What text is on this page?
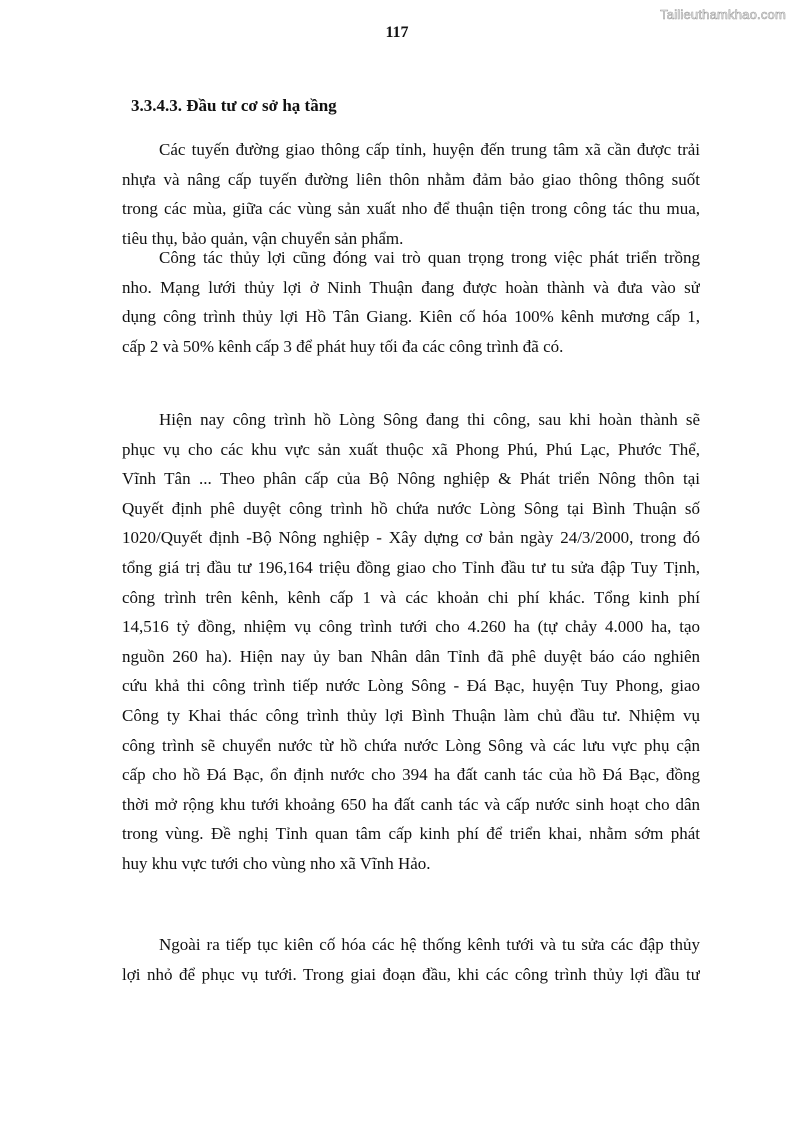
Tailieuthamkhao.com
117
3.3.4.3. Đầu tư cơ sở hạ tầng
Các tuyến đường giao thông cấp tỉnh, huyện đến trung tâm xã cần được trải
nhựa và nâng cấp tuyến đường liên thôn nhằm đảm bảo giao thông thông suốt
trong các mùa, giữa các vùng sản xuất nho để thuận tiện trong công tác thu mua,
tiêu thụ, bảo quản, vận chuyển sản phẩm.
Công tác thủy lợi cũng đóng vai trò quan trọng trong việc phát triển trồng
nho. Mạng lưới thủy lợi ở Ninh Thuận đang được hoàn thành và đưa vào sử
dụng công trình thủy lợi Hồ Tân Giang. Kiên cố hóa 100% kênh mương cấp 1,
cấp 2 và 50% kênh cấp 3 để phát huy tối đa các công trình đã có.
Hiện nay công trình hồ Lòng Sông đang thi công, sau khi hoàn thành sẽ
phục vụ cho các khu vực sản xuất thuộc xã Phong Phú, Phú Lạc, Phước Thể,
Vĩnh Tân ... Theo phân cấp của Bộ Nông nghiệp & Phát triển Nông thôn tại
Quyết định phê duyệt công trình hồ chứa nước Lòng Sông tại Bình Thuận số
1020/Quyết định -Bộ Nông nghiệp - Xây dựng cơ bản ngày 24/3/2000, trong đó
tổng giá trị đầu tư 196,164 triệu đồng giao cho Tỉnh đầu tư tu sửa đập Tuy Tịnh,
công trình trên kênh, kênh cấp 1 và các khoản chi phí khác. Tổng kinh phí
14,516 tỷ đồng, nhiệm vụ công trình tưới cho 4.260 ha (tự chảy 4.000 ha, tạo
nguồn 260 ha). Hiện nay ủy ban Nhân dân Tỉnh đã phê duyệt báo cáo nghiên
cứu khả thi công trình tiếp nước Lòng Sông - Đá Bạc, huyện Tuy Phong, giao
Công ty Khai thác công trình thủy lợi Bình Thuận làm chủ đầu tư. Nhiệm vụ
công trình sẽ chuyển nước từ hồ chứa nước Lòng Sông và các lưu vực phụ cận
cấp cho hồ Đá Bạc, ổn định nước cho 394 ha đất canh tác của hồ Đá Bạc, đồng
thời mở rộng khu tưới khoảng 650 ha đất canh tác và cấp nước sinh hoạt cho dân
trong vùng. Đề nghị Tỉnh quan tâm cấp kinh phí để triển khai, nhằm sớm phát
huy khu vực tưới cho vùng nho xã Vĩnh Hảo.
Ngoài ra tiếp tục kiên cố hóa các hệ thống kênh tưới và tu sửa các đập thủy
lợi nhỏ để phục vụ tưới. Trong giai đoạn đầu, khi các công trình thủy lợi đầu tư
